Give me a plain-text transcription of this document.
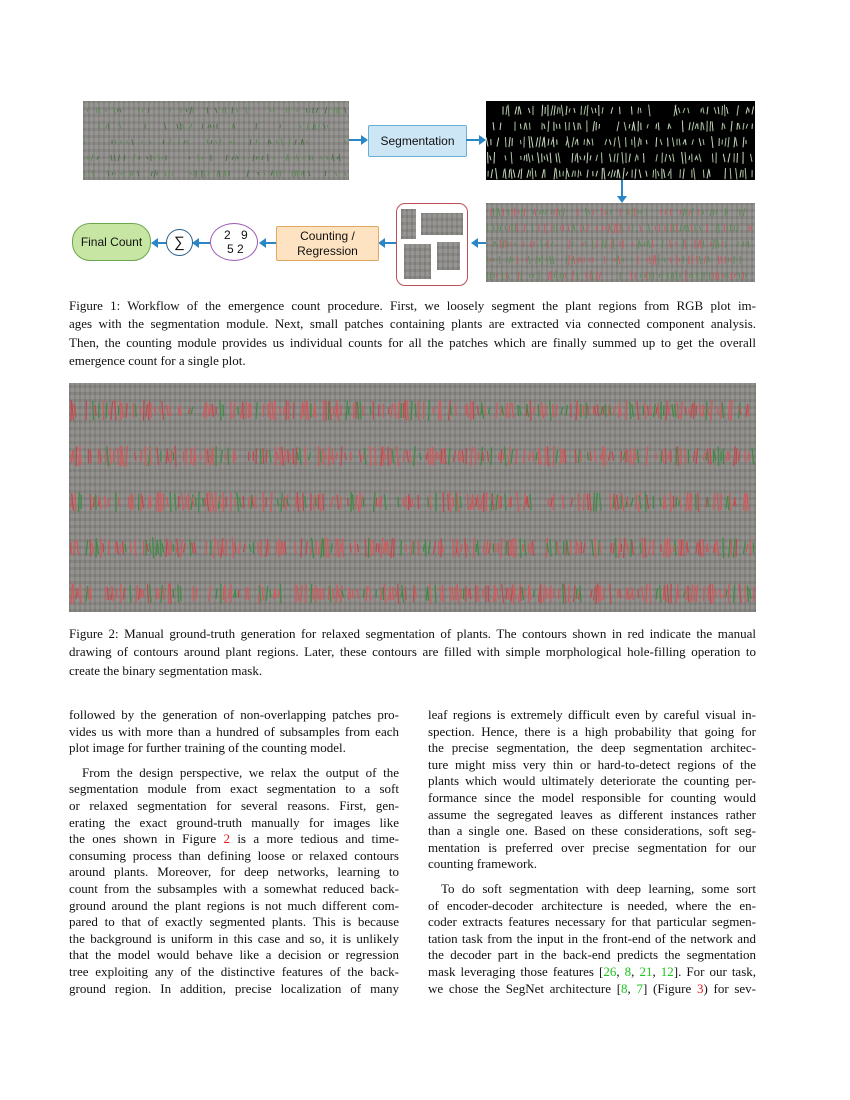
Segmentation
Counting /
Regression
2 9
5 2
∑
Final Count
Figure 1: Workflow of the emergence count procedure. First, we loosely segment the plant regions from RGB plot im-
ages with the segmentation module. Next, small patches containing plants are extracted via connected component analysis.
Then, the counting module provides us individual counts for all the patches which are finally summed up to get the overall
emergence count for a single plot.
Figure 2: Manual ground-truth generation for relaxed segmentation of plants. The contours shown in red indicate the manual
drawing of contours around plant regions. Later, these contours are filled with simple morphological hole-filling operation to
create the binary segmentation mask.
followed by the generation of non-overlapping patches pro-
vides us with more than a hundred of subsamples from each
plot image for further training of the counting model.
 From the design perspective, we relax the output of the
segmentation module from exact segmentation to a soft
or relaxed segmentation for several reasons. First, gen-
erating the exact ground-truth manually for images like
the ones shown in Figure 2 is a more tedious and time-
consuming process than defining loose or relaxed contours
around plants. Moreover, for deep networks, learning to
count from the subsamples with a somewhat reduced back-
ground around the plant regions is not much different com-
pared to that of exactly segmented plants. This is because
the background is uniform in this case and so, it is unlikely
that the model would behave like a decision or regression
tree exploiting any of the distinctive features of the back-
ground region. In addition, precise localization of many
leaf regions is extremely difficult even by careful visual in-
spection. Hence, there is a high probability that going for
the precise segmentation, the deep segmentation architec-
ture might miss very thin or hard-to-detect regions of the
plants which would ultimately deteriorate the counting per-
formance since the model responsible for counting would
assume the segregated leaves as different instances rather
than a single one. Based on these considerations, soft seg-
mentation is preferred over precise segmentation for our
counting framework.
 To do soft segmentation with deep learning, some sort
of encoder-decoder architecture is needed, where the en-
coder extracts features necessary for that particular segmen-
tation task from the input in the front-end of the network and
the decoder part in the back-end predicts the segmentation
mask leveraging those features [26, 8, 21, 12]. For our task,
we chose the SegNet architecture [8, 7] (Figure 3) for sev-
